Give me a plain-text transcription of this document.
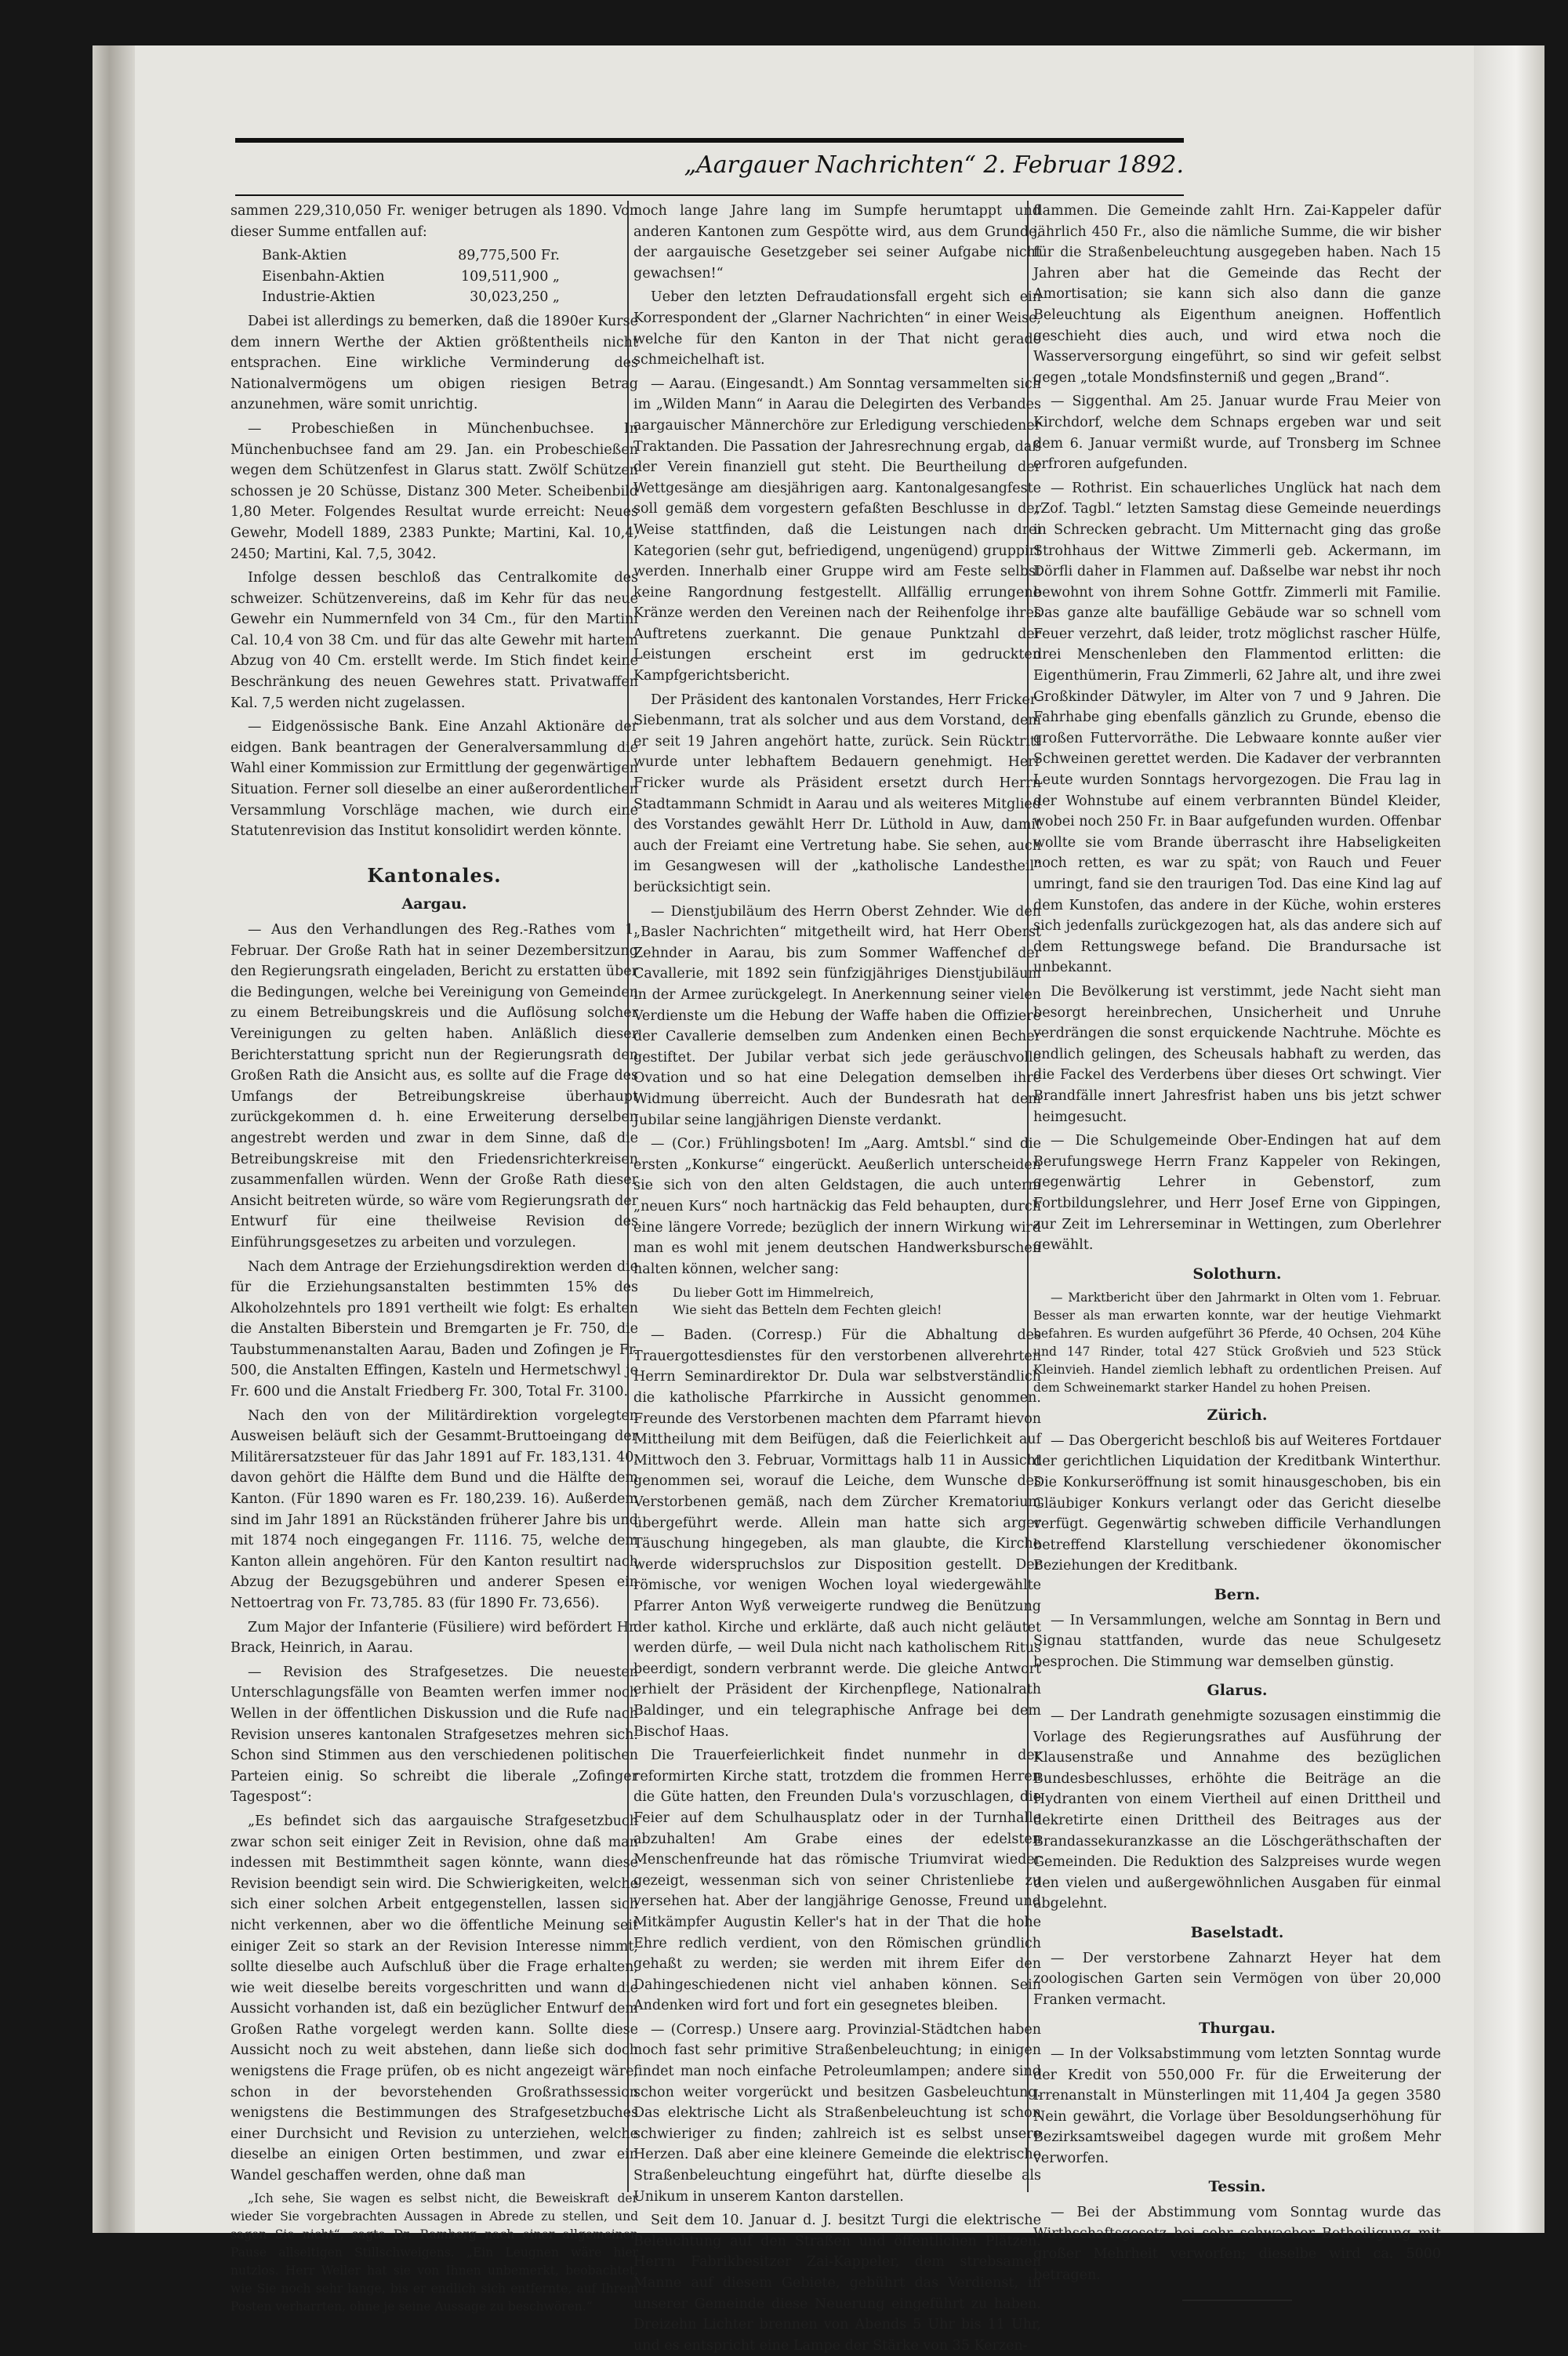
„Aargauer Nachrichten“ 2. Februar 1892.

sammen 229,310,050 Fr. weniger betrugen als 1890. Von dieser Summe entfallen auf:

Bank-Aktien	89,775,500 Fr.
Eisenbahn-Aktien	109,511,900 „
Industrie-Aktien	30,023,250 „

Dabei ist allerdings zu bemerken, daß die 1890er Kurse dem innern Werthe der Aktien größtentheils nicht entsprachen. Eine wirkliche Verminderung des Nationalvermögens um obigen riesigen Betrag anzunehmen, wäre somit unrichtig.

— Probeschießen in Münchenbuchsee. In Münchenbuchsee fand am 29. Jan. ein Probeschießen wegen dem Schützenfest in Glarus statt. Zwölf Schützen schossen je 20 Schüsse, Distanz 300 Meter. Scheibenbild 1,80 Meter. Folgendes Resultat wurde erreicht: Neues Gewehr, Modell 1889, 2383 Punkte; Martini, Kal. 10,4, 2450; Martini, Kal. 7,5, 3042.

Infolge dessen beschloß das Centralkomite des schweizer. Schützenvereins, daß im Kehr für das neue Gewehr ein Nummernfeld von 34 Cm., für den Martini Cal. 10,4 von 38 Cm. und für das alte Gewehr mit hartem Abzug von 40 Cm. erstellt werde. Im Stich findet keine Beschränkung des neuen Gewehres statt. Privatwaffen Kal. 7,5 werden nicht zugelassen.

— Eidgenössische Bank. Eine Anzahl Aktionäre der eidgen. Bank beantragen der Generalversammlung die Wahl einer Kommission zur Ermittlung der gegenwärtigen Situation. Ferner soll dieselbe an einer außerordentlichen Versammlung Vorschläge machen, wie durch eine Statutenrevision das Institut konsolidirt werden könnte.

Kantonales.
Aargau.

— Aus den Verhandlungen des Reg.-Rathes vom 1. Februar. Der Große Rath hat in seiner Dezembersitzung den Regierungsrath eingeladen, Bericht zu erstatten über die Bedingungen, welche bei Vereinigung von Gemeinden zu einem Betreibungskreis und die Auflösung solcher Vereinigungen zu gelten haben. Anläßlich dieser Berichterstattung spricht nun der Regierungsrath den Großen Rath die Ansicht aus, es sollte auf die Frage des Umfangs der Betreibungskreise überhaupt zurückgekommen d. h. eine Erweiterung derselben angestrebt werden und zwar in dem Sinne, daß die Betreibungskreise mit den Friedensrichterkreisen zusammenfallen würden. Wenn der Große Rath dieser Ansicht beitreten würde, so wäre vom Regierungsrath der Entwurf für eine theilweise Revision des Einführungsgesetzes zu arbeiten und vorzulegen.

Nach dem Antrage der Erziehungsdirektion werden die für die Erziehungsanstalten bestimmten 15% des Alkoholzehntels pro 1891 vertheilt wie folgt: Es erhalten die Anstalten Biberstein und Bremgarten je Fr. 750, die Taubstummenanstalten Aarau, Baden und Zofingen je Fr. 500, die Anstalten Effingen, Kasteln und Hermetschwyl je Fr. 600 und die Anstalt Friedberg Fr. 300, Total Fr. 3100.

Nach den von der Militärdirektion vorgelegten Ausweisen beläuft sich der Gesammt-Bruttoeingang der Militärersatzsteuer für das Jahr 1891 auf Fr. 183,131. 40, davon gehört die Hälfte dem Bund und die Hälfte dem Kanton. (Für 1890 waren es Fr. 180,239. 16). Außerdem sind im Jahr 1891 an Rückständen früherer Jahre bis und mit 1874 noch eingegangen Fr. 1116. 75, welche dem Kanton allein angehören. Für den Kanton resultirt nach Abzug der Bezugsgebühren und anderer Spesen ein Nettoertrag von Fr. 73,785. 83 (für 1890 Fr. 73,656).

Zum Major der Infanterie (Füsiliere) wird befördert Hr. Brack, Heinrich, in Aarau.

— Revision des Strafgesetzes. Die neuesten Unterschlagungsfälle von Beamten werfen immer noch Wellen in der öffentlichen Diskussion und die Rufe nach Revision unseres kantonalen Strafgesetzes mehren sich. Schon sind Stimmen aus den verschiedenen politischen Parteien einig. So schreibt die liberale „Zofinger Tagespost“:

„Es befindet sich das aargauische Strafgesetzbuch zwar schon seit einiger Zeit in Revision, ohne daß man indessen mit Bestimmtheit sagen könnte, wann diese Revision beendigt sein wird. Die Schwierigkeiten, welche sich einer solchen Arbeit entgegenstellen, lassen sich nicht verkennen, aber wo die öffentliche Meinung seit einiger Zeit so stark an der Revision Interesse nimmt, sollte dieselbe auch Aufschluß über die Frage erhalten, wie weit dieselbe bereits vorgeschritten und wann die Aussicht vorhanden ist, daß ein bezüglicher Entwurf dem Großen Rathe vorgelegt werden kann. Sollte diese Aussicht noch zu weit abstehen, dann ließe sich doch wenigstens die Frage prüfen, ob es nicht angezeigt wäre, schon in der bevorstehenden Großrathssession wenigstens die Bestimmungen des Strafgesetzbuches einer Durchsicht und Revision zu unterziehen, welche dieselbe an einigen Orten bestimmen, und zwar ein Wandel geschaffen werden, ohne daß man

„Ich sehe, Sie wagen es selbst nicht, die Beweiskraft der wieder Sie vorgebrachten Aussagen in Abrede zu stellen, und sagen Sie nicht“, sagte Dr. Ramberg nach einer allgemeinen Pause allseitigen Stillschweigens. „Ein Leugnen wäre hier nutzlos. Herr Weller hat sie von Ihnen unbemerkt, beobachtet, wie Sie noch sehr lange, bis er endlich sich entfernte, auf Ihrem Posten verharrten, ohne je seine Aussage zu beschwören.“

noch lange Jahre lang im Sumpfe herumtappt und anderen Kantonen zum Gespötte wird, aus dem Grunde, der aargauische Gesetzgeber sei seiner Aufgabe nicht gewachsen!“

Ueber den letzten Defraudationsfall ergeht sich ein Korrespondent der „Glarner Nachrichten“ in einer Weise, welche für den Kanton in der That nicht gerade schmeichelhaft ist.

— Aarau. (Eingesandt.) Am Sonntag versammelten sich im „Wilden Mann“ in Aarau die Delegirten des Verbandes aargauischer Männerchöre zur Erledigung verschiedener Traktanden. Die Passation der Jahresrechnung ergab, daß der Verein finanziell gut steht. Die Beurtheilung der Wettgesänge am diesjährigen aarg. Kantonalgesangfeste soll gemäß dem vorgestern gefaßten Beschlusse in der Weise stattfinden, daß die Leistungen nach drei Kategorien (sehr gut, befriedigend, ungenügend) gruppirt werden. Innerhalb einer Gruppe wird am Feste selbst keine Rangordnung festgestellt. Allfällig errungene Kränze werden den Vereinen nach der Reihenfolge ihres Auftretens zuerkannt. Die genaue Punktzahl der Leistungen erscheint erst im gedruckten Kampfgerichtsbericht.

Der Präsident des kantonalen Vorstandes, Herr Fricker-Siebenmann, trat als solcher und aus dem Vorstand, dem er seit 19 Jahren angehört hatte, zurück. Sein Rücktritt wurde unter lebhaftem Bedauern genehmigt. Herr Fricker wurde als Präsident ersetzt durch Herrn Stadtammann Schmidt in Aarau und als weiteres Mitglied des Vorstandes gewählt Herr Dr. Lüthold in Auw, damit auch der Freiamt eine Vertretung habe. Sie sehen, auch im Gesangwesen will der „katholische Landestheil“ berücksichtigt sein.

— Dienstjubiläum des Herrn Oberst Zehnder. Wie den „Basler Nachrichten“ mitgetheilt wird, hat Herr Oberst Zehnder in Aarau, bis zum Sommer Waffenchef der Cavallerie, mit 1892 sein fünfzigjähriges Dienstjubiläum in der Armee zurückgelegt. In Anerkennung seiner vielen Verdienste um die Hebung der Waffe haben die Offiziere der Cavallerie demselben zum Andenken einen Becher gestiftet. Der Jubilar verbat sich jede geräuschvolle Ovation und so hat eine Delegation demselben ihre Widmung überreicht. Auch der Bundesrath hat dem Jubilar seine langjährigen Dienste verdankt.

— (Cor.) Frühlingsboten! Im „Aarg. Amtsbl.“ sind die ersten „Konkurse“ eingerückt. Aeußerlich unterscheiden sie sich von den alten Geldstagen, die auch unterm „neuen Kurs“ noch hartnäckig das Feld behaupten, durch eine längere Vorrede; bezüglich der innern Wirkung wird man es wohl mit jenem deutschen Handwerksburschen halten können, welcher sang:

Du lieber Gott im Himmelreich,
Wie sieht das Betteln dem Fechten gleich!

— Baden. (Corresp.) Für die Abhaltung des Trauergottesdienstes für den verstorbenen allverehrten Herrn Seminardirektor Dr. Dula war selbstverständlich die katholische Pfarrkirche in Aussicht genommen. Freunde des Verstorbenen machten dem Pfarramt hievon Mittheilung mit dem Beifügen, daß die Feierlichkeit auf Mittwoch den 3. Februar, Vormittags halb 11 in Aussicht genommen sei, worauf die Leiche, dem Wunsche des Verstorbenen gemäß, nach dem Zürcher Krematorium übergeführt werde. Allein man hatte sich arger Täuschung hingegeben, als man glaubte, die Kirche werde widerspruchslos zur Disposition gestellt. Der römische, vor wenigen Wochen loyal wiedergewählte Pfarrer Anton Wyß verweigerte rundweg die Benützung der kathol. Kirche und erklärte, daß auch nicht geläutet werden dürfe, — weil Dula nicht nach katholischem Ritus beerdigt, sondern verbrannt werde. Die gleiche Antwort erhielt der Präsident der Kirchenpflege, Nationalrath Baldinger, und ein telegraphische Anfrage bei dem Bischof Haas.

Die Trauerfeierlichkeit findet nunmehr in der reformirten Kirche statt, trotzdem die frommen Herren die Güte hatten, den Freunden Dula's vorzuschlagen, die Feier auf dem Schulhausplatz oder in der Turnhalle abzuhalten! Am Grabe eines der edelsten Menschenfreunde hat das römische Triumvirat wieder gezeigt, wessenman sich von seiner Christenliebe zu versehen hat. Aber der langjährige Genosse, Freund und Mitkämpfer Augustin Keller's hat in der That die hohe Ehre redlich verdient, von den Römischen gründlich gehaßt zu werden; sie werden mit ihrem Eifer den Dahingeschiedenen nicht viel anhaben können. Sein Andenken wird fort und fort ein gesegnetes bleiben.

— (Corresp.) Unsere aarg. Provinzial-Städtchen haben noch fast sehr primitive Straßenbeleuchtung; in einigen findet man noch einfache Petroleumlampen; andere sind schon weiter vorgerückt und besitzen Gasbeleuchtung. Das elektrische Licht als Straßenbeleuchtung ist schon schwieriger zu finden; zahlreich ist es selbst unsere Herzen. Daß aber eine kleinere Gemeinde die elektrische Straßenbeleuchtung eingeführt hat, dürfte dieselbe als Unikum in unserem Kanton darstellen.

Seit dem 10. Januar d. J. besitzt Turgi die elektrische Beleuchtung auf den Straßen und öffentlichen Plätzen. Herrn Fabrikbesitzer Zai-Kappeler, dem strebsamen Manne auf diesem Gebiete, gebührt das Verdienst, in unserer Gemeinde diese Neuerung eingeführt zu haben. Dreizehn Lichter brennen von Abends 5 Uhr bis 11 Uhr, und es entspricht eine Lampe der Stärke von 35 Kerzen-

flammen. Die Gemeinde zahlt Hrn. Zai-Kappeler dafür jährlich 450 Fr., also die nämliche Summe, die wir bisher für die Straßenbeleuchtung ausgegeben haben. Nach 15 Jahren aber hat die Gemeinde das Recht der Amortisation; sie kann sich also dann die ganze Beleuchtung als Eigenthum aneignen. Hoffentlich geschieht dies auch, und wird etwa noch die Wasserversorgung eingeführt, so sind wir gefeit selbst gegen „totale Mondsfinsterniß und gegen „Brand“.

— Siggenthal. Am 25. Januar wurde Frau Meier von Kirchdorf, welche dem Schnaps ergeben war und seit dem 6. Januar vermißt wurde, auf Tronsberg im Schnee erfroren aufgefunden.

— Rothrist. Ein schauerliches Unglück hat nach dem „Zof. Tagbl.“ letzten Samstag diese Gemeinde neuerdings in Schrecken gebracht. Um Mitternacht ging das große Strohhaus der Wittwe Zimmerli geb. Ackermann, im Dörfli daher in Flammen auf. Daßselbe war nebst ihr noch bewohnt von ihrem Sohne Gottfr. Zimmerli mit Familie. Das ganze alte baufällige Gebäude war so schnell vom Feuer verzehrt, daß leider, trotz möglichst rascher Hülfe, drei Menschenleben den Flammentod erlitten: die Eigenthümerin, Frau Zimmerli, 62 Jahre alt, und ihre zwei Großkinder Dätwyler, im Alter von 7 und 9 Jahren. Die Fahrhabe ging ebenfalls gänzlich zu Grunde, ebenso die großen Futtervorräthe. Die Lebwaare konnte außer vier Schweinen gerettet werden. Die Kadaver der verbrannten Leute wurden Sonntags hervorgezogen. Die Frau lag in der Wohnstube auf einem verbrannten Bündel Kleider, wobei noch 250 Fr. in Baar aufgefunden wurden. Offenbar wollte sie vom Brande überrascht ihre Habseligkeiten noch retten, es war zu spät; von Rauch und Feuer umringt, fand sie den traurigen Tod. Das eine Kind lag auf dem Kunstofen, das andere in der Küche, wohin ersteres sich jedenfalls zurückgezogen hat, als das andere sich auf dem Rettungswege befand. Die Brandursache ist unbekannt.

Die Bevölkerung ist verstimmt, jede Nacht sieht man besorgt hereinbrechen, Unsicherheit und Unruhe verdrängen die sonst erquickende Nachtruhe. Möchte es endlich gelingen, des Scheusals habhaft zu werden, das die Fackel des Verderbens über dieses Ort schwingt. Vier Brandfälle innert Jahresfrist haben uns bis jetzt schwer heimgesucht.

— Die Schulgemeinde Ober-Endingen hat auf dem Berufungswege Herrn Franz Kappeler von Rekingen, gegenwärtig Lehrer in Gebenstorf, zum Fortbildungslehrer, und Herr Josef Erne von Gippingen, zur Zeit im Lehrerseminar in Wettingen, zum Oberlehrer gewählt.

Solothurn.

— Marktbericht über den Jahrmarkt in Olten vom 1. Februar. Besser als man erwarten konnte, war der heutige Viehmarkt befahren. Es wurden aufgeführt 36 Pferde, 40 Ochsen, 204 Kühe und 147 Rinder, total 427 Stück Großvieh und 523 Stück Kleinvieh. Handel ziemlich lebhaft zu ordentlichen Preisen. Auf dem Schweinemarkt starker Handel zu hohen Preisen.

Zürich.

— Das Obergericht beschloß bis auf Weiteres Fortdauer der gerichtlichen Liquidation der Kreditbank Winterthur. Die Konkurseröffnung ist somit hinausgeschoben, bis ein Gläubiger Konkurs verlangt oder das Gericht dieselbe verfügt. Gegenwärtig schweben difficile Verhandlungen betreffend Klarstellung verschiedener ökonomischer Beziehungen der Kreditbank.

Bern.

— In Versammlungen, welche am Sonntag in Bern und Signau stattfanden, wurde das neue Schulgesetz besprochen. Die Stimmung war demselben günstig.

Glarus.

— Der Landrath genehmigte sozusagen einstimmig die Vorlage des Regierungsrathes auf Ausführung der Klausenstraße und Annahme des bezüglichen Bundesbeschlusses, erhöhte die Beiträge an die Hydranten von einem Viertheil auf einen Drittheil und dekretirte einen Drittheil des Beitrages aus der Brandassekuranzkasse an die Löschgeräthschaften der Gemeinden. Die Reduktion des Salzpreises wurde wegen den vielen und außergewöhnlichen Ausgaben für einmal abgelehnt.

Baselstadt.

— Der verstorbene Zahnarzt Heyer hat dem zoologischen Garten sein Vermögen von über 20,000 Franken vermacht.

Thurgau.

— In der Volksabstimmung vom letzten Sonntag wurde der Kredit von 550,000 Fr. für die Erweiterung der Irrenanstalt in Münsterlingen mit 11,404 Ja gegen 3580 Nein gewährt, die Vorlage über Besoldungserhöhung für Bezirksamtsweibel dagegen wurde mit großem Mehr verworfen.

Tessin.

— Bei der Abstimmung vom Sonntag wurde das Wirthschaftsgesetz bei sehr schwacher Betheiligung mit großer Mehrheit verworfen; dieselbe wird ca. 5000 betragen.
